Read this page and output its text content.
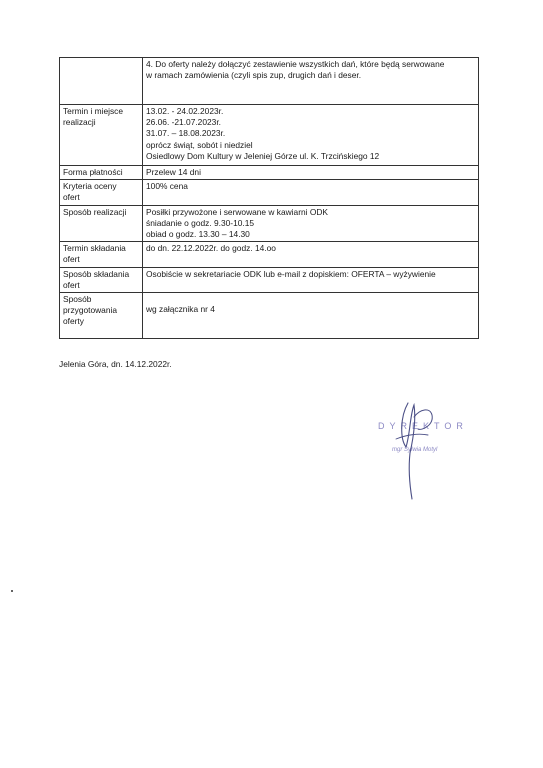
	4. Do oferty należy dołączyć zestawienie wszystkich dań, które będą serwowane
w ramach zamówienia (czyli spis zup, drugich dań i deser.

Termin i miejsce
realizacji	13.02. - 24.02.2023r.
26.06. -21.07.2023r.
31.07. – 18.08.2023r.
oprócz świąt, sobót i niedziel
Osiedlowy Dom Kultury w Jeleniej Górze ul. K. Trzcińskiego 12

Forma płatności	Przelew 14 dni

Kryteria oceny
ofert	100% cena

Sposób realizacji	Posiłki przywożone i serwowane w kawiarni ODK
śniadanie o godz. 9.30-10.15
obiad o godz. 13.30 – 14.30

Termin składania
ofert	do dn. 22.12.2022r. do godz. 14.oo

Sposób składania
ofert	Osobiście w sekretariacie ODK lub e-mail z dopiskiem: OFERTA – wyżywienie

Sposób
przygotowania
oferty	wg załącznika nr 4
Jelenia Góra, dn. 14.12.2022r.
DYREKTOR
mgr Sylwia Motyl
